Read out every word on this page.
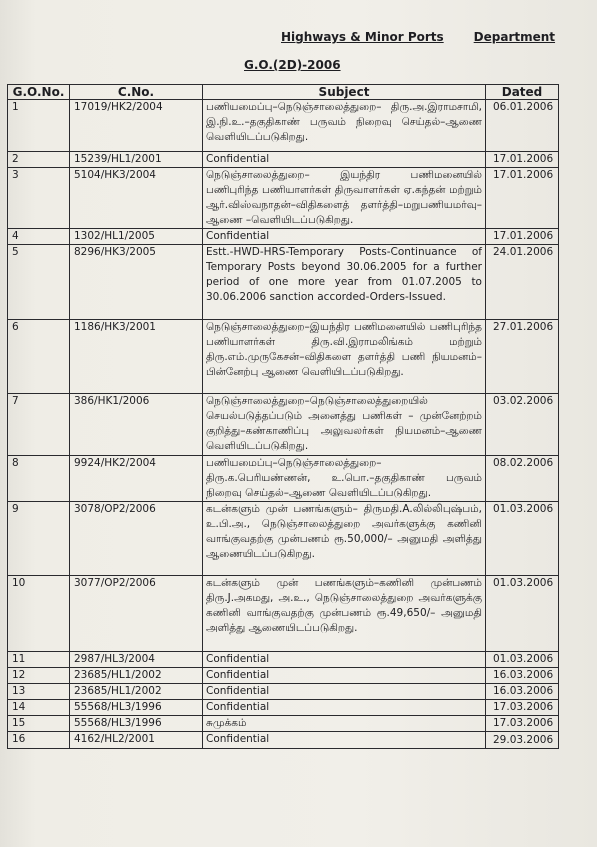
Highways & Minor Ports	Department
G.O.(2D)-2006
G.O.No.	C.No.	Subject	Dated
1	17019/HK2/2004	பணியமைப்பு–நெடுஞ்சாலைத்துறை– திரு.அ.இராமசாமி, இ.நி.உ.–தகுதிகாண் பருவம் நிறைவு செய்தல்–ஆணை வெளியிடப்படுகிறது.	06.01.2006
2	15239/HL1/2001	Confidential	17.01.2006
3	5104/HK3/2004	நெடுஞ்சாலைத்துறை– இயந்திர பணிமனையில் பணிபுரிந்த பணியாளர்கள் திருவாளர்கள் ஏ.கந்தன் மற்றும் ஆர்.விஸ்வநாதன்–விதிகளைத் தளர்த்தி–மறுபணியமர்வு–ஆணை –வெளியிடப்படுகிறது.	17.01.2006
4	1302/HL1/2005	Confidential	17.01.2006
5	8296/HK3/2005	Estt.-HWD-HRS-Temporary Posts-Continuance of Temporary Posts beyond 30.06.2005 for a further period of one more year from 01.07.2005 to 30.06.2006 sanction accorded-Orders-Issued.	24.01.2006
6	1186/HK3/2001	நெடுஞ்சாலைத்துறை–இயந்திர பணிமனையில் பணிபுரிந்த பணியாளர்கள் திரு.வி.இராமலிங்கம் மற்றும் திரு.எம்.முருகேசன்–விதிகளை தளர்த்தி பணி நியமனம்–பின்னேற்பு ஆணை வெளியிடப்படுகிறது.	27.01.2006
7	386/HK1/2006	நெடுஞ்சாலைத்துறை–நெடுஞ்சாலைத்துறையில் செயல்படுத்தப்படும் அனைத்து பணிகள் – முன்னேற்றம் குறித்து–கண்காணிப்பு அலுவலர்கள் நியமனம்–ஆணை வெளியிடப்படுகிறது.	03.02.2006
8	9924/HK2/2004	பணியமைப்பு–நெடுஞ்சாலைத்துறை– திரு.க.பெரியண்ணன், உ.பொ.–தகுதிகாண் பருவம் நிறைவு செய்தல்–ஆணை வெளியிடப்படுகிறது.	08.02.2006
9	3078/OP2/2006	கடன்களும் முன் பணங்களும்– திருமதி.A.லில்லிபுஷ்பம், உ.பி.அ., நெடுஞ்சாலைத்துறை அவர்களுக்கு கணினி வாங்குவதற்கு முன்பணம் ரூ.50,000/– அனுமதி அளித்து ஆணையிடப்படுகிறது.	01.03.2006
10	3077/OP2/2006	கடன்களும் முன் பணங்களும்–கணினி முன்பணம் திரு.J.அகமது, அ.உ., நெடுஞ்சாலைத்துறை அவர்களுக்கு கணினி வாங்குவதற்கு முன்பணம் ரூ.49,650/– அனுமதி அளித்து ஆணையிடப்படுகிறது.	01.03.2006
11	2987/HL3/2004	Confidential	01.03.2006
12	23685/HL1/2002	Confidential	16.03.2006
13	23685/HL1/2002	Confidential	16.03.2006
14	55568/HL3/1996	Confidential	17.03.2006
15	55568/HL3/1996	சுமுக்கம்	17.03.2006
16	4162/HL2/2001	Confidential	29.03.2006
